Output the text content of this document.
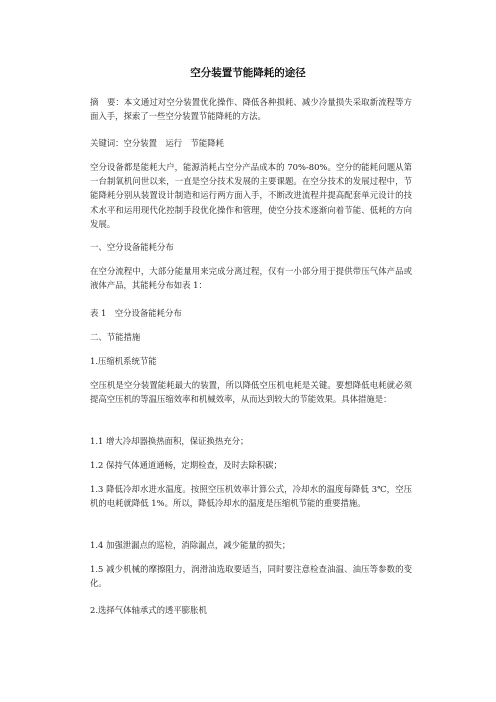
空分装置节能降耗的途径

摘　要：本文通过对空分装置优化操作、降低各种损耗、减少冷量损失采取新流程等方面入手，探索了一些空分装置节能降耗的方法。

关键词：空分装置　运行　节能降耗

空分设备都是能耗大户，能源消耗占空分产品成本的 70%-80%。空分的能耗问题从第一台制氧机问世以来，一直是空分技术发展的主要课题。在空分技术的发展过程中，节能降耗分别从装置设计制造和运行两方面入手，不断改进流程并提高配套单元设计的技术水平和运用现代化控制手段优化操作和管理，使空分技术逐渐向着节能、低耗的方向发展。

一、空分设备能耗分布

在空分流程中，大部分能量用来完成分离过程，仅有一小部分用于提供带压气体产品或液体产品，其能耗分布如表 1：

表 1　空分设备能耗分布

二、节能措施

1.压缩机系统节能

空压机是空分装置能耗最大的装置，所以降低空压机电耗是关键。要想降低电耗就必须提高空压机的等温压缩效率和机械效率，从而达到较大的节能效果。具体措施是：

1.1 增大冷却器换热面积，保证换热充分；

1.2 保持气体通道通畅，定期检查，及时去除积碳；

1.3 降低冷却水进水温度。按照空压机效率计算公式，冷却水的温度每降低 3℃，空压机的电耗就降低 1%。所以，降低冷却水的温度是压缩机节能的重要措施。

1.4 加强泄漏点的巡检，消除漏点，减少能量的损失；

1.5 减少机械的摩擦阻力，润滑油选取要适当，同时要注意检查油温、油压等参数的变化。

2.选择气体轴承式的透平膨胀机
